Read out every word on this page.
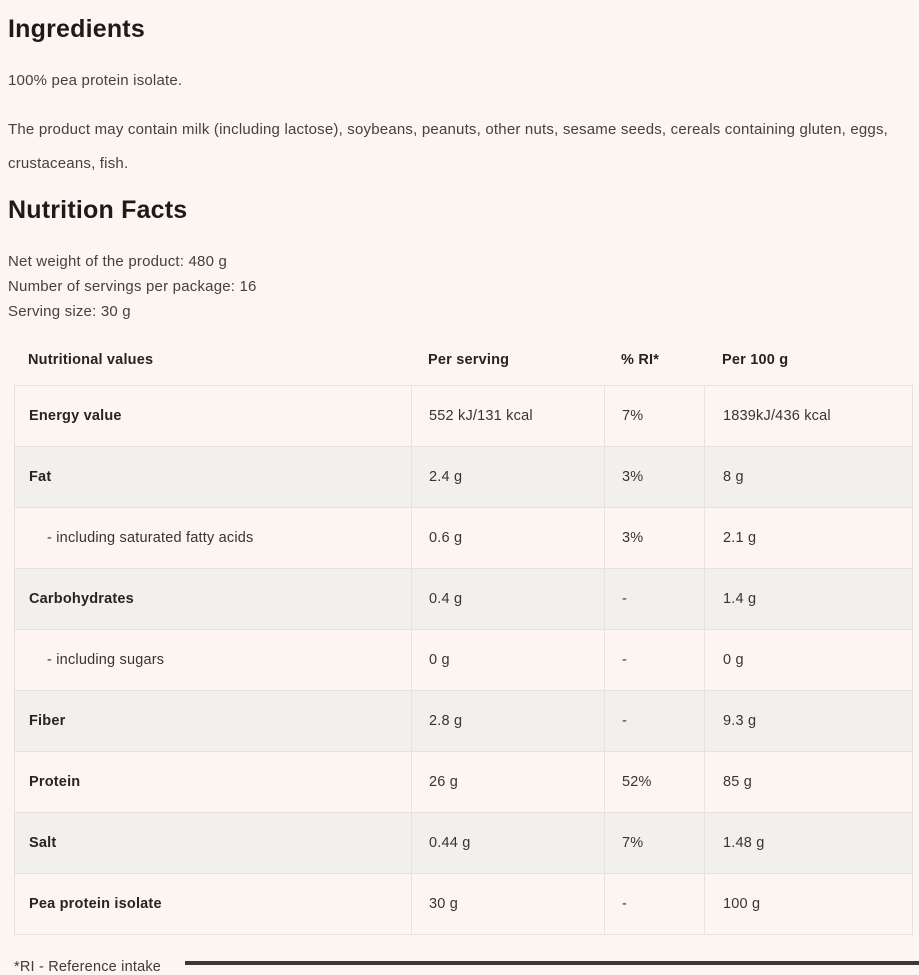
Ingredients

100% pea protein isolate.

The product may contain milk (including lactose), soybeans, peanuts, other nuts, sesame seeds, cereals containing gluten, eggs, crustaceans, fish.

Nutrition Facts

Net weight of the product: 480 g

Number of servings per package: 16

Serving size: 30 g

Nutritional values	Per serving	% RI*	Per 100 g
Energy value	552 kJ/131 kcal	7%	1839kJ/436 kcal
Fat	2.4 g	3%	8 g
- including saturated fatty acids	0.6 g	3%	2.1 g
Carbohydrates	0.4 g	-	1.4 g
- including sugars	0 g	-	0 g
Fiber	2.8 g	-	9.3 g
Protein	26 g	52%	85 g
Salt	0.44 g	7%	1.48 g
Pea protein isolate	30 g	-	100 g

*RI - Reference intake
